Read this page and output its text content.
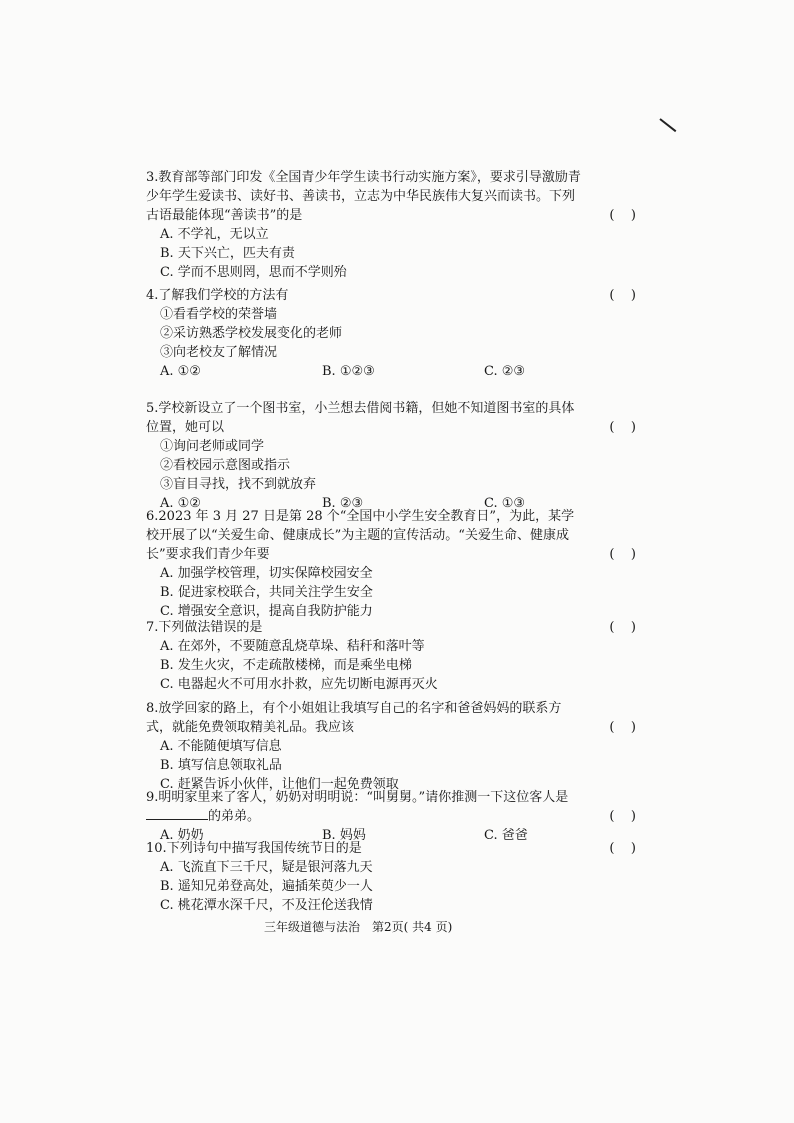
3.教育部等部门印发《全国青少年学生读书行动实施方案》，要求引导激励青少年学生爱读书、读好书、善读书，立志为中华民族伟大复兴而读书。下列古语最能体现“善读书”的是	(    )
A. 不学礼，无以立
B. 天下兴亡，匹夫有责
C. 学而不思则罔，思而不学则殆
4.了解我们学校的方法有	(    )
①看看学校的荣誉墙
②采访熟悉学校发展变化的老师
③向老校友了解情况
A. ①②	B. ①②③	C. ②③
5.学校新设立了一个图书室，小兰想去借阅书籍，但她不知道图书室的具体位置，她可以	(    )
①询问老师或同学
②看校园示意图或指示
③盲目寻找，找不到就放弃
A. ①②	B. ②③	C. ①③
6.2023 年 3 月 27 日是第 28 个“全国中小学生安全教育日”，为此，某学校开展了以“关爱生命、健康成长”为主题的宣传活动。“关爱生命、健康成长”要求我们青少年要	(    )
A. 加强学校管理，切实保障校园安全
B. 促进家校联合，共同关注学生安全
C. 增强安全意识，提高自我防护能力
7.下列做法错误的是	(    )
A. 在郊外，不要随意乱烧草垛、秸秆和落叶等
B. 发生火灾，不走疏散楼梯，而是乘坐电梯
C. 电器起火不可用水扑救，应先切断电源再灭火
8.放学回家的路上，有个小姐姐让我填写自己的名字和爸爸妈妈的联系方式，就能免费领取精美礼品。我应该	(    )
A. 不能随便填写信息
B. 填写信息领取礼品
C. 赶紧告诉小伙伴，让他们一起免费领取
9.明明家里来了客人，奶奶对明明说：“叫舅舅。”请你推测一下这位客人是的弟弟。	(    )
A. 奶奶	B. 妈妈	C. 爸爸
10.下列诗句中描写我国传统节日的是	(    )
A. 飞流直下三千尺，疑是银河落九天
B. 遥知兄弟登高处，遍插茱萸少一人
C. 桃花潭水深千尺，不及汪伦送我情
三年级道德与法治　第2页( 共4 页)
